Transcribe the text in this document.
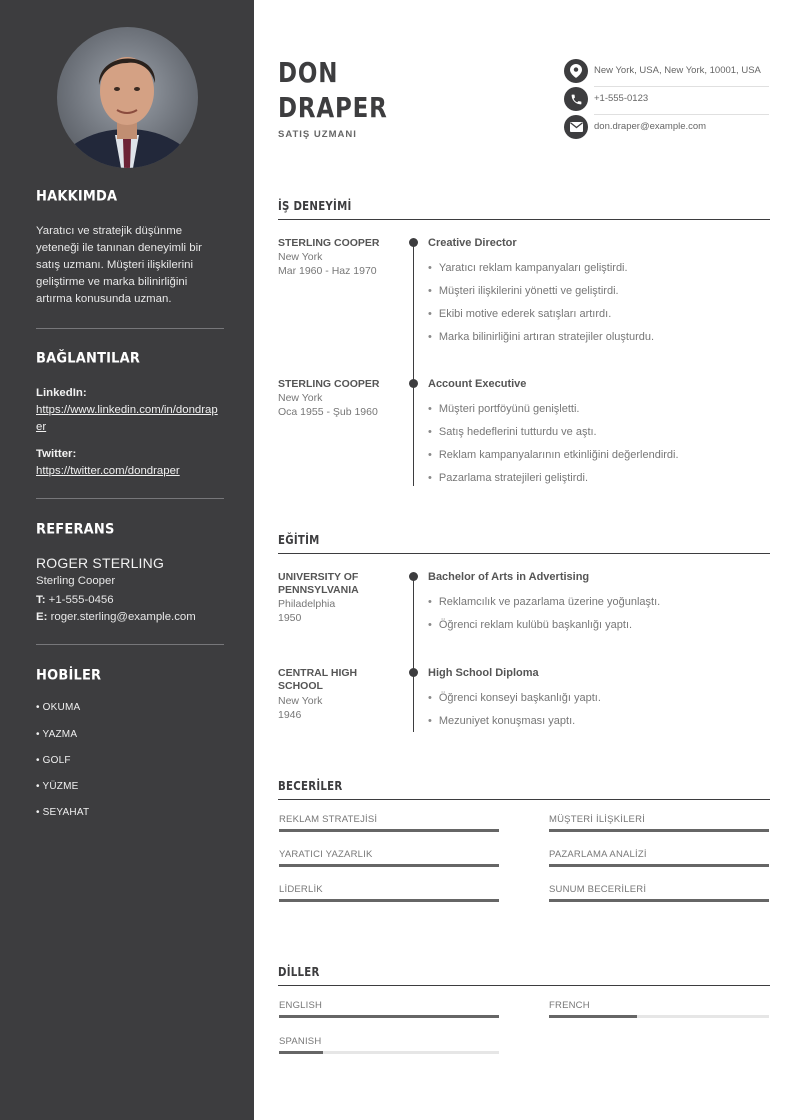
HAKKIMDA
Yaratıcı ve stratejik düşünme yeteneği ile tanınan deneyimli bir satış uzmanı. Müşteri ilişkilerini geliştirme ve marka bilinirliğini artırma konusunda uzman.
BAĞLANTILAR
LinkedIn:
https://www.linkedin.com/in/dondraper
Twitter:
https://twitter.com/dondraper
REFERANS
ROGER STERLING
Sterling Cooper
T: +1-555-0456
E: roger.sterling@example.com
HOBİLER
• OKUMA
• YAZMA
• GOLF
• YÜZME
• SEYAHAT
DON
DRAPER
SATIŞ UZMANI
New York, USA, New York, 10001, USA
+1-555-0123
don.draper@example.com
İŞ DENEYİMİ
STERLING COOPER
New York
Mar 1960 - Haz 1970
Creative Director
• Yaratıcı reklam kampanyaları geliştirdi.
• Müşteri ilişkilerini yönetti ve geliştirdi.
• Ekibi motive ederek satışları artırdı.
• Marka bilinirliğini artıran stratejiler oluşturdu.
STERLING COOPER
New York
Oca 1955 - Şub 1960
Account Executive
• Müşteri portföyünü genişletti.
• Satış hedeflerini tutturdu ve aştı.
• Reklam kampanyalarının etkinliğini değerlendirdi.
• Pazarlama stratejileri geliştirdi.
EĞİTİM
UNIVERSITY OF PENNSYLVANIA
Philadelphia
1950
Bachelor of Arts in Advertising
• Reklamcılık ve pazarlama üzerine yoğunlaştı.
• Öğrenci reklam kulübü başkanlığı yaptı.
CENTRAL HIGH SCHOOL
New York
1946
High School Diploma
• Öğrenci konseyi başkanlığı yaptı.
• Mezuniyet konuşması yaptı.
BECERİLER
REKLAM STRATEJİSİ	MÜŞTERİ İLİŞKİLERİ
YARATICI YAZARLIK	PAZARLAMA ANALİZİ
LİDERLİK	SUNUM BECERİLERİ
DİLLER
ENGLISH	FRENCH
SPANISH
